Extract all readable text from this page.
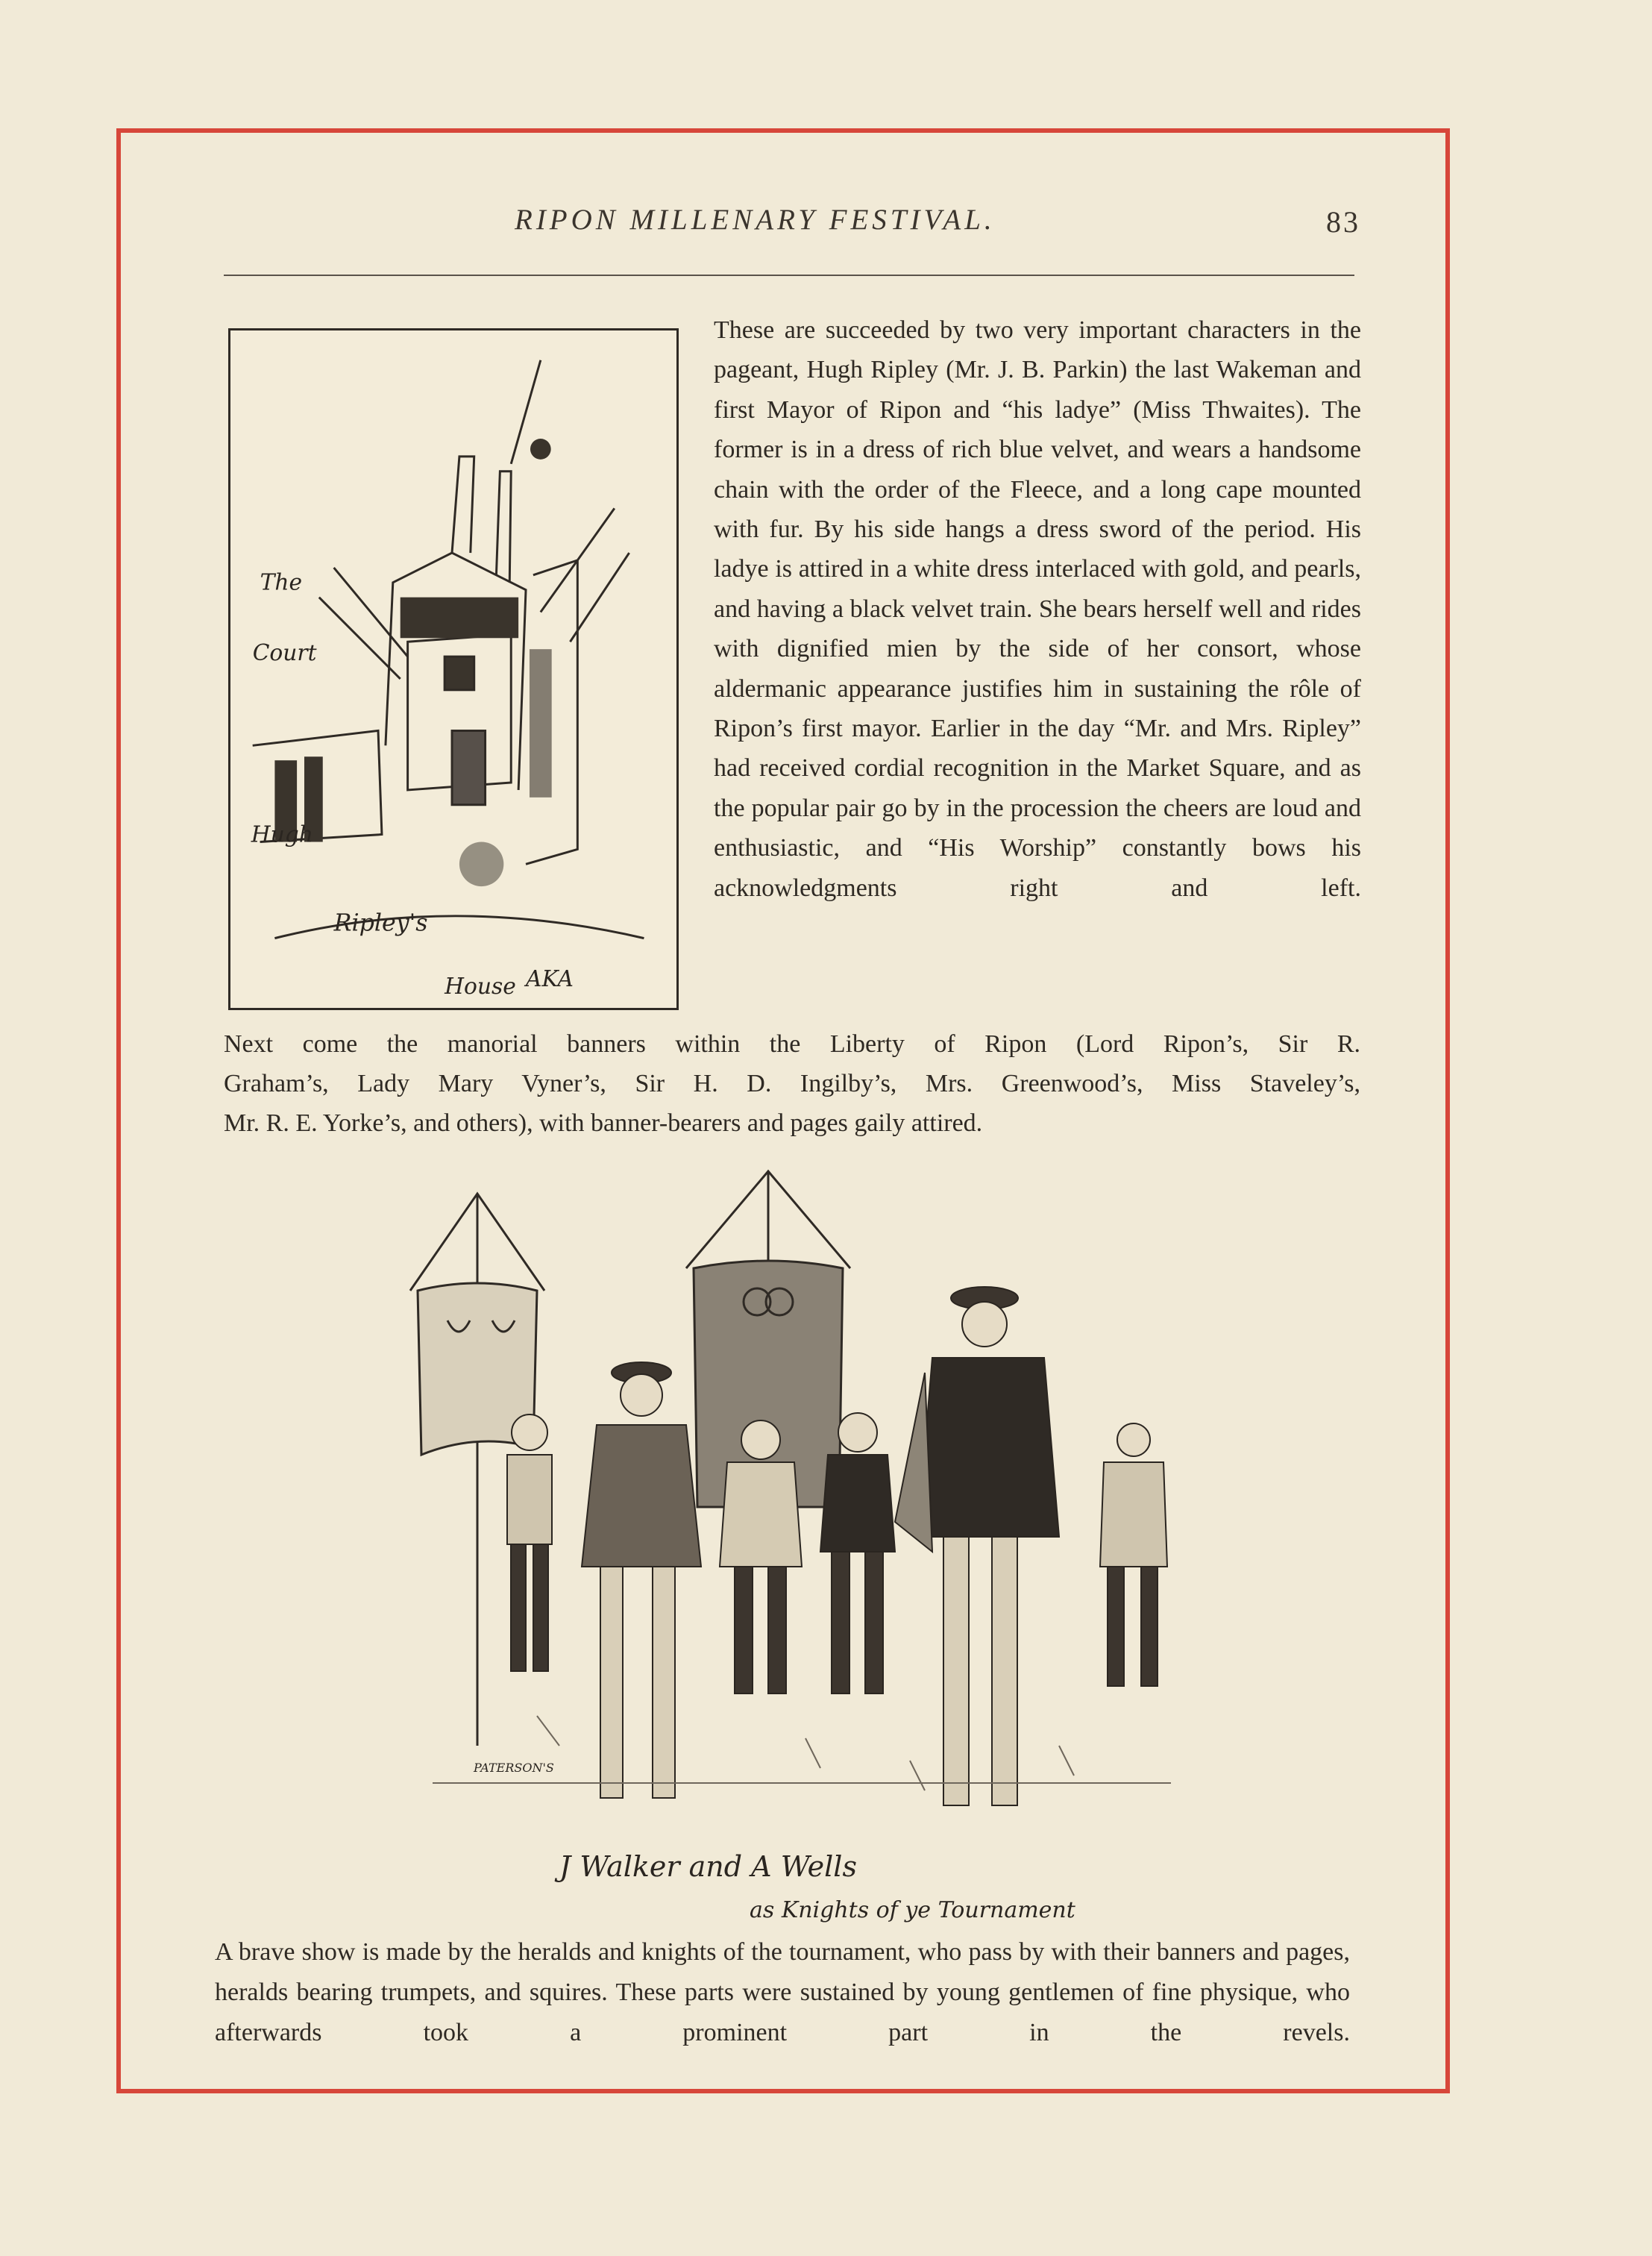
RIPON MILLENARY FESTIVAL.	83
The
Court
Hugh
Ripley's
House AKA

These are succeeded by two very important characters in the pageant, Hugh Ripley (Mr. J. B. Parkin) the last Wakeman and first Mayor of Ripon and “his ladye” (Miss Thwaites). The former is in a dress of rich blue velvet, and wears a handsome chain with the order of the Fleece, and a long cape mounted with fur. By his side hangs a dress sword of the period. His ladye is attired in a white dress interlaced with gold, and pearls, and having a black velvet train. She bears herself well and rides with dignified mien by the side of her consort, whose aldermanic appearance justifies him in sustaining the rôle of Ripon’s first mayor. Earlier in the day “Mr. and Mrs. Ripley” had received cordial recognition in the Market Square, and as the popular pair go by in the procession the cheers are loud and enthusiastic, and “His Worship” constantly bows his acknowledgments right and left.

Next come the manorial banners within the Liberty of Ripon (Lord Ripon’s, Sir R.
Graham’s, Lady Mary Vyner’s, Sir H. D. Ingilby’s, Mrs. Greenwood’s, Miss Staveley’s,
Mr. R. E. Yorke’s, and others), with banner-bearers and pages gaily attired.
PATERSON'S
J Walker and A Wells
as Knights of ye Tournament

A brave show is made by the heralds and knights of the tournament, who pass by with their banners and pages, heralds bearing trumpets, and squires. These parts were sustained by young gentlemen of fine physique, who afterwards took a prominent part in the revels.
